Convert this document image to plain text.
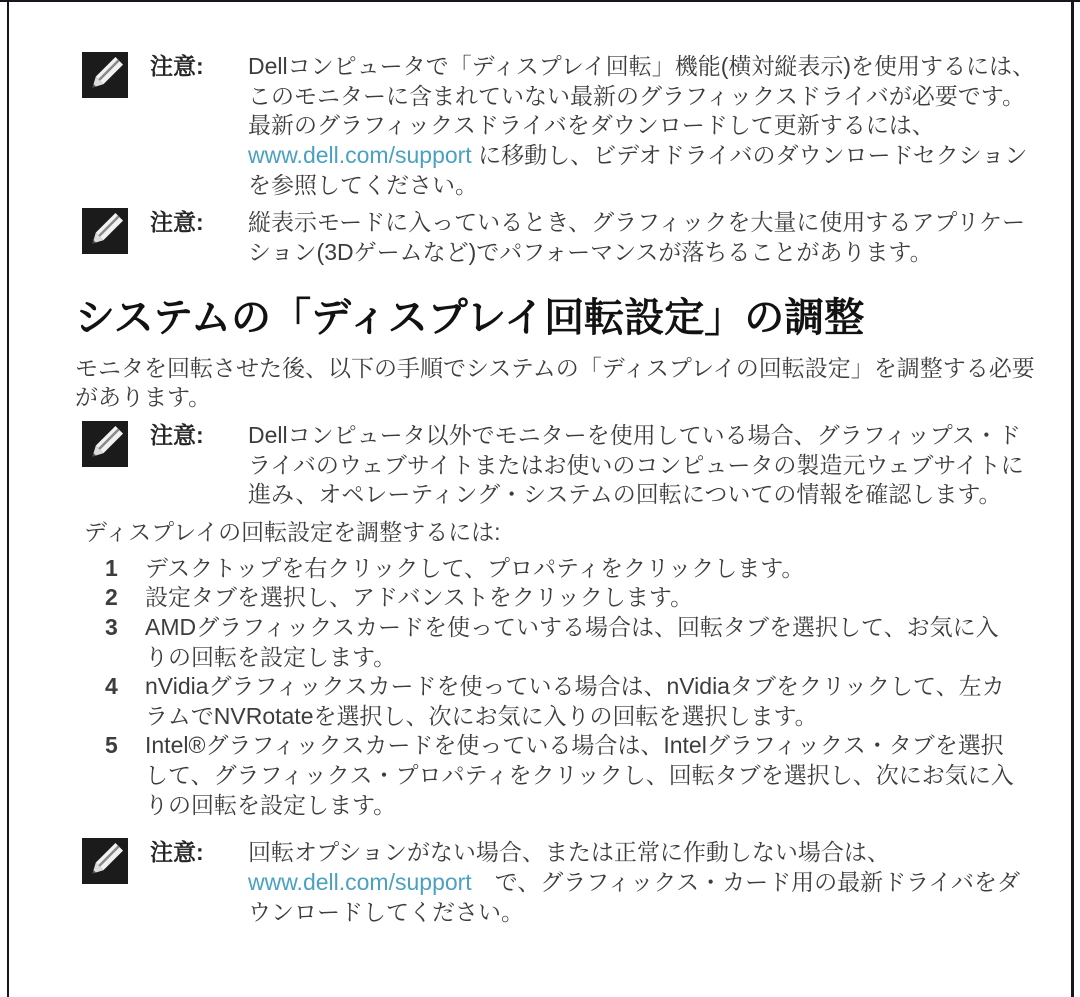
注意:	Dellコンピュータで「ディスプレイ回転」機能(横対縦表示)を使用するには、このモニターに含まれていない最新のグラフィックスドライバが必要です。最新のグラフィックスドライバをダウンロードして更新するには、www.dell.com/support に移動し、ビデオドライバのダウンロードセクションを参照してください。
注意:	縦表示モードに入っているとき、グラフィックを大量に使用するアプリケーション(3Dゲームなど)でパフォーマンスが落ちることがあります。
システムの「ディスプレイ回転設定」の調整

モニタを回転させた後、以下の手順でシステムの「ディスプレイの回転設定」を調整する必要があります。

注意:	Dellコンピュータ以外でモニターを使用している場合、グラフィップス・ドライバのウェブサイトまたはお使いのコンピュータの製造元ウェブサイトに進み、オペレーティング・システムの回転についての情報を確認します。

ディスプレイの回転設定を調整するには:

1	デスクトップを右クリックして、プロパティをクリックします。
2	設定タブを選択し、アドバンストをクリックします。
3	AMDグラフィックスカードを使っていする場合は、回転タブを選択して、お気に入りの回転を設定します。
4	nVidiaグラフィックスカードを使っている場合は、nVidiaタブをクリックして、左カラムでNVRotateを選択し、次にお気に入りの回転を選択します。
5	Intel®グラフィックスカードを使っている場合は、Intelグラフィックス・タブを選択して、グラフィックス・プロパティをクリックし、回転タブを選択し、次にお気に入りの回転を設定します。
注意:	回転オプションがない場合、または正常に作動しない場合は、www.dell.com/support　で、グラフィックス・カード用の最新ドライバをダウンロードしてください。
